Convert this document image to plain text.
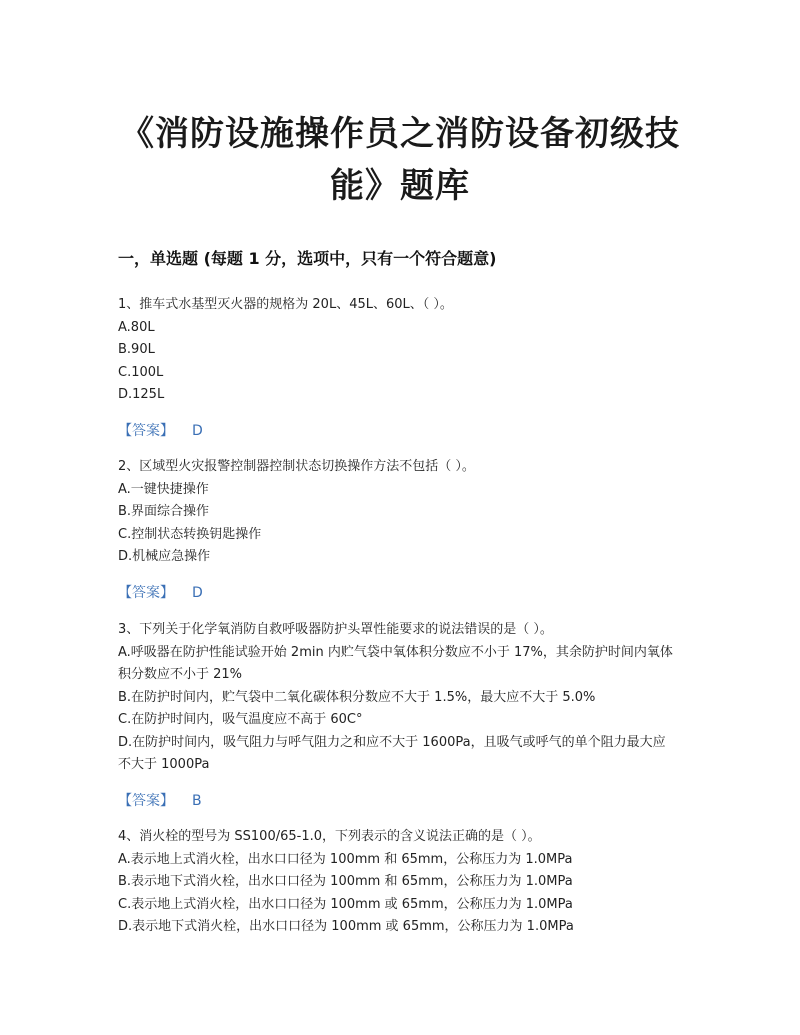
《消防设施操作员之消防设备初级技
能》题库
一，单选题 (每题 1 分，选项中，只有一个符合题意)
1、推车式水基型灭火器的规格为 20L、45L、60L、（ ）。
A.80L
B.90L
C.100L
D.125L
【答案】 D
2、区域型火灾报警控制器控制状态切换操作方法不包括（ ）。
A.一键快捷操作
B.界面综合操作
C.控制状态转换钥匙操作
D.机械应急操作
【答案】 D
3、下列关于化学氧消防自救呼吸器防护头罩性能要求的说法错误的是（ ）。
A.呼吸器在防护性能试验开始 2min 内贮气袋中氧体积分数应不小于 17%，其余防护时间内氧体积分数应不小于 21%
B.在防护时间内，贮气袋中二氧化碳体积分数应不大于 1.5%，最大应不大于 5.0%
C.在防护时间内，吸气温度应不高于 60C°
D.在防护时间内，吸气阻力与呼气阻力之和应不大于 1600Pa，且吸气或呼气的单个阻力最大应不大于 1000Pa
【答案】 B
4、消火栓的型号为 SS100/65-1.0，下列表示的含义说法正确的是（ ）。
A.表示地上式消火栓，出水口口径为 100mm 和 65mm，公称压力为 1.0MPa
B.表示地下式消火栓，出水口口径为 100mm 和 65mm，公称压力为 1.0MPa
C.表示地上式消火栓，出水口口径为 100mm 或 65mm，公称压力为 1.0MPa
D.表示地下式消火栓，出水口口径为 100mm 或 65mm，公称压力为 1.0MPa
